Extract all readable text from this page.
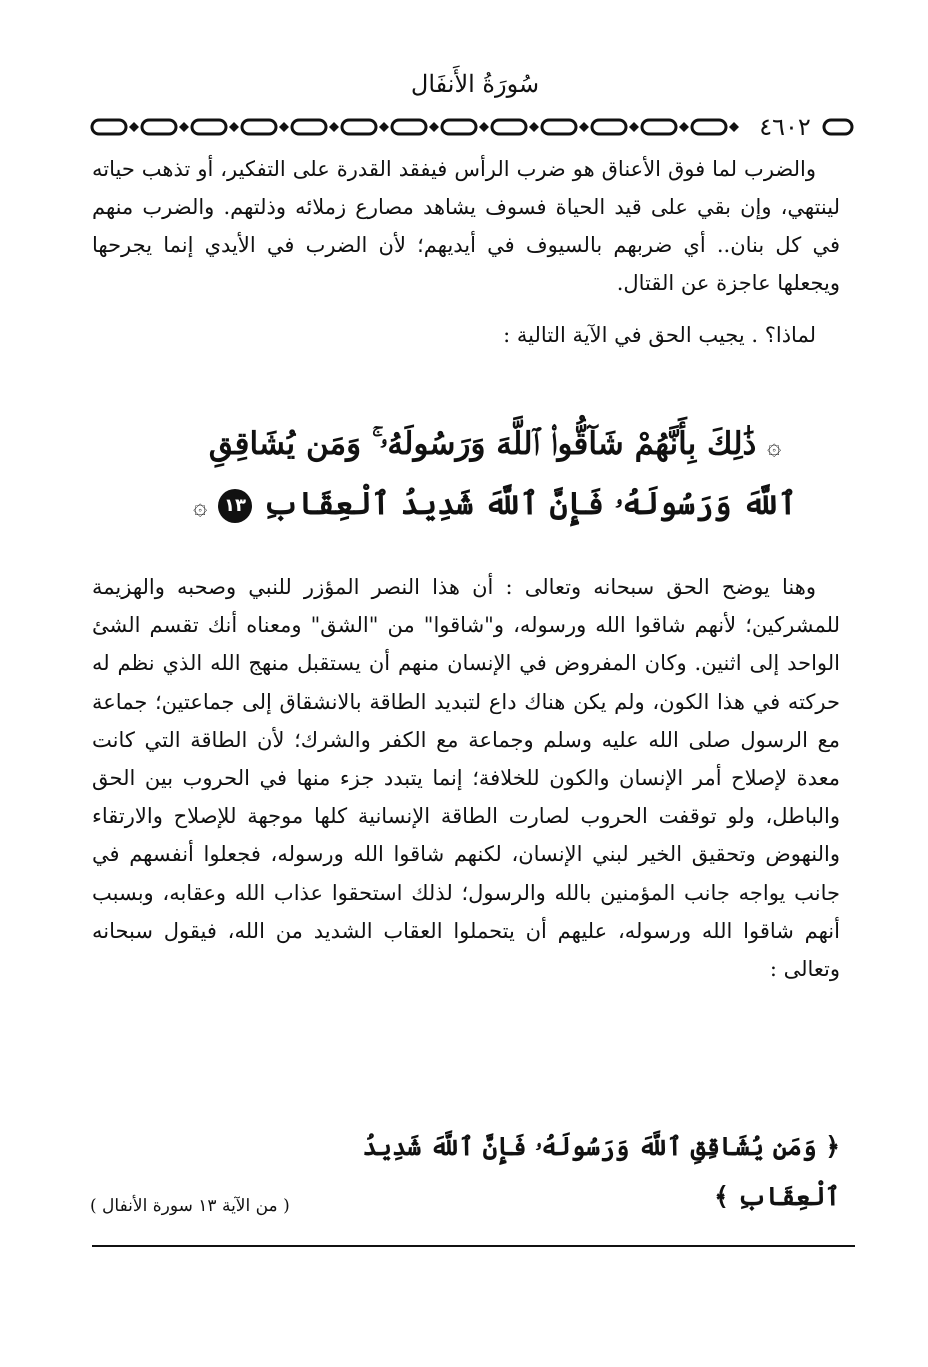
سُورَةُ الأَنفَال
٤٦٠٢

والضرب لما فوق الأعناق هو ضرب الرأس فيفقد القدرة على التفكير، أو تذهب حياته لينتهي، وإن بقي على قيد الحياة فسوف يشاهد مصارع زملائه وذلتهم. والضرب منهم في كل بنان.. أي ضربهم بالسيوف في أيديهم؛ لأن الضرب في الأيدي إنما يجرحها ويجعلها عاجزة عن القتال.

لماذا؟ . يجيب الحق في الآية التالية :

۞ ذَٰلِكَ بِأَنَّهُمْ شَآقُّوا۟ ٱللَّهَ وَرَسُولَهُۥ ۚ وَمَن يُشَاقِقِ
ٱللَّهَ وَرَسُولَهُۥ فَإِنَّ ٱللَّهَ شَدِيدُ ٱلْعِقَابِ ١٣ ۞

وهنا يوضح الحق سبحانه وتعالى : أن هذا النصر المؤزر للنبي وصحبه والهزيمة للمشركين؛ لأنهم شاقوا الله ورسوله، و"شاقوا" من "الشق" ومعناه أنك تقسم الشئ الواحد إلى اثنين. وكان المفروض في الإنسان منهم أن يستقبل منهج الله الذي نظم له حركته في هذا الكون، ولم يكن هناك داع لتبديد الطاقة بالانشقاق إلى جماعتين؛ جماعة مع الرسول صلى الله عليه وسلم وجماعة مع الكفر والشرك؛ لأن الطاقة التي كانت معدة لإصلاح أمر الإنسان والكون للخلافة؛ إنما يتبدد جزء منها في الحروب بين الحق والباطل، ولو توقفت الحروب لصارت الطاقة الإنسانية كلها موجهة للإصلاح والارتقاء والنهوض وتحقيق الخير لبني الإنسان، لكنهم شاقوا الله ورسوله، فجعلوا أنفسهم في جانب يواجه جانب المؤمنين بالله والرسول؛ لذلك استحقوا عذاب الله وعقابه، وبسبب أنهم شاقوا الله ورسوله، عليهم أن يتحملوا العقاب الشديد من الله، فيقول سبحانه وتعالى :

﴿ وَمَن يُشَاقِقِ ٱللَّهَ وَرَسُولَهُۥ فَإِنَّ ٱللَّهَ شَدِيدُ ٱلْعِقَابِ ﴾
( من الآية ١٣ سورة الأنفال )
